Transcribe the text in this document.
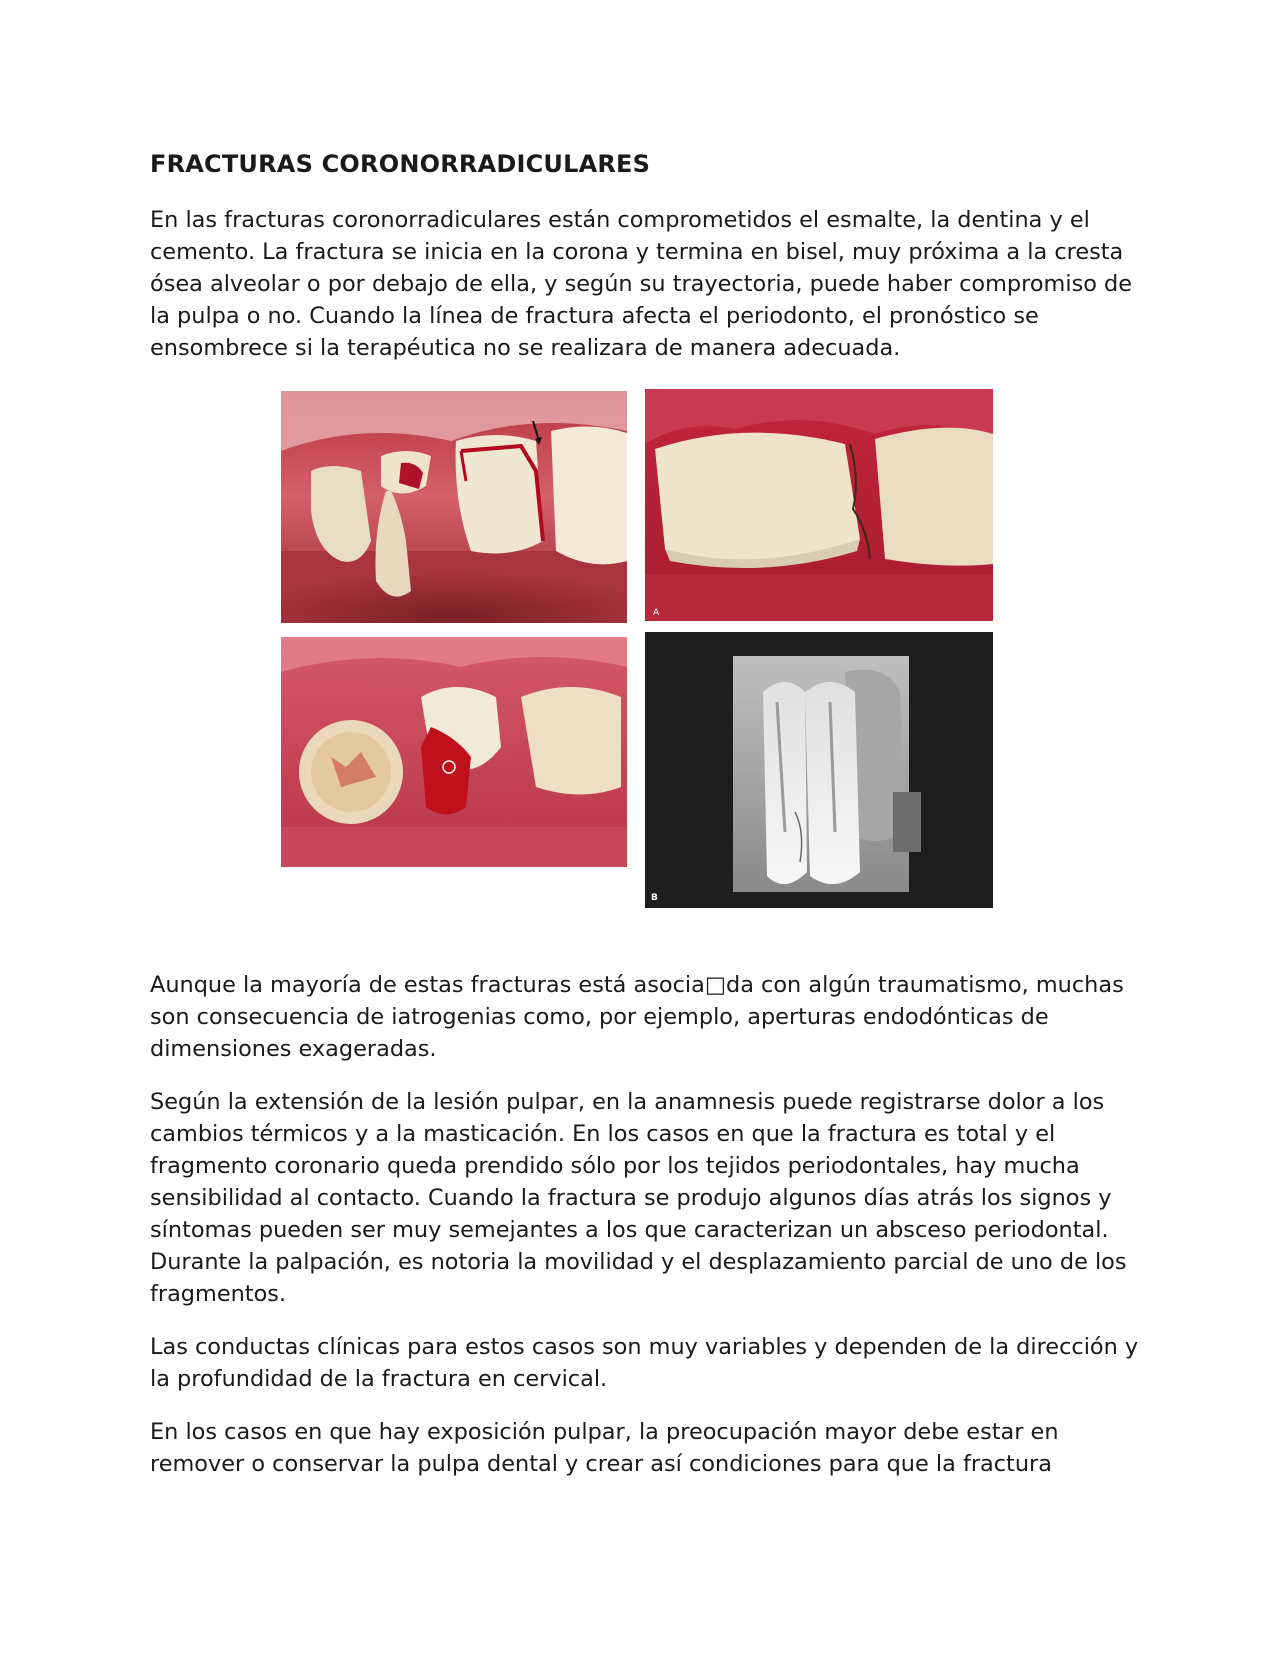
FRACTURAS CORONORRADICULARES

En las fracturas coronorradiculares están comprometidos el esmalte, la dentina y el cemento. La fractura se inicia en la corona y termina en bisel, muy próxima a la cresta ósea alveolar o por debajo de ella, y según su trayectoria, puede haber compromiso de la pulpa o no. Cuando la línea de fractura afecta el periodonto, el pronóstico se ensombrece si la terapéutica no se realizara de manera adecuada.

A
B

Aunque la mayoría de estas fracturas está asocia□da con algún traumatismo, muchas son consecuencia de iatrogenias como, por ejemplo, aperturas endodónticas de dimensiones exageradas.

Según la extensión de la lesión pulpar, en la anamnesis puede registrarse dolor a los cambios térmicos y a la masticación. En los casos en que la fractura es total y el fragmento coronario queda prendido sólo por los tejidos periodontales, hay mucha sensibilidad al contacto. Cuando la fractura se produjo algunos días atrás los signos y síntomas pueden ser muy semejantes a los que caracterizan un absceso periodontal. Durante la palpación, es notoria la movilidad y el desplazamiento parcial de uno de los fragmentos.

Las conductas clínicas para estos casos son muy variables y dependen de la dirección y la profundidad de la fractura en cervical.

En los casos en que hay exposición pulpar, la preocupación mayor debe estar en remover o conservar la pulpa dental y crear así condiciones para que la fractura
